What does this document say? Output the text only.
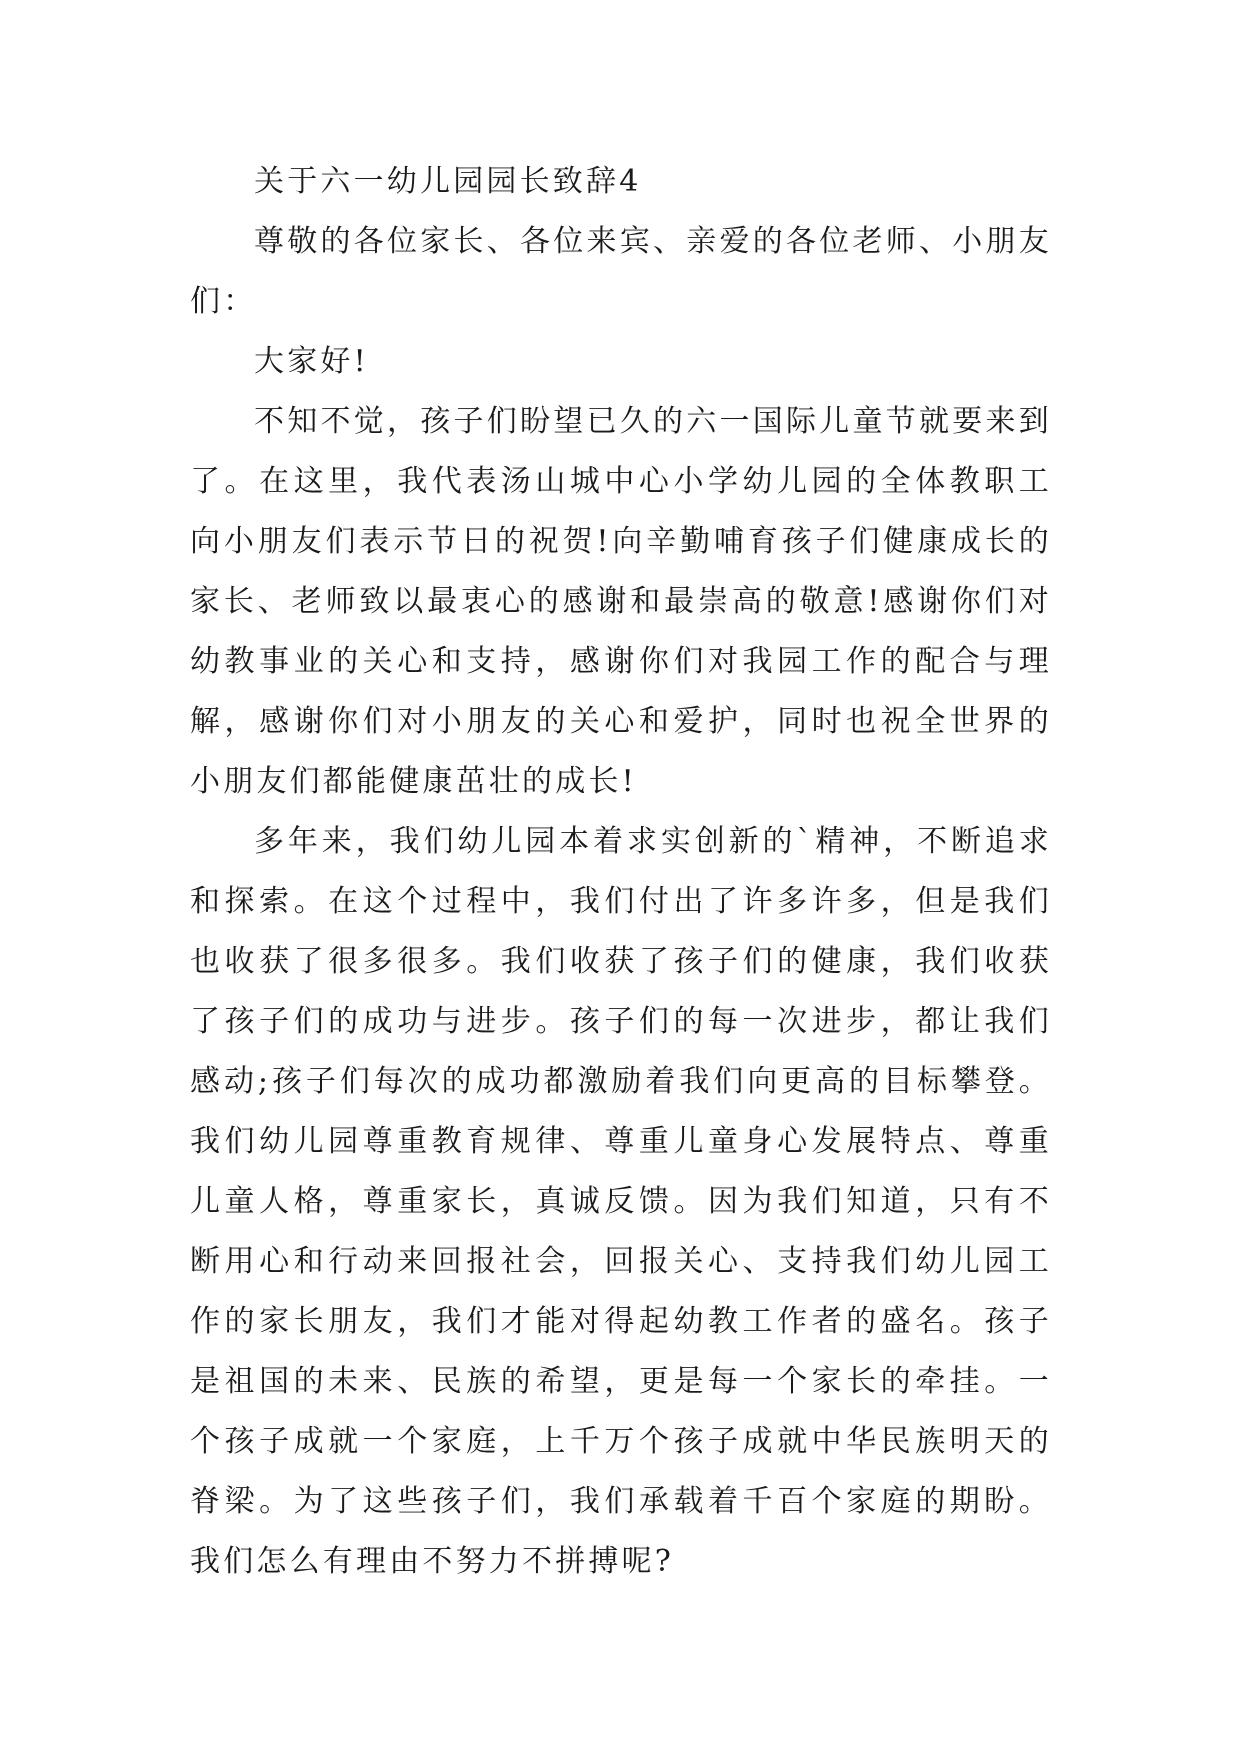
关于六一幼儿园园长致辞4

尊敬的各位家长、各位来宾、亲爱的各位老师、小朋友们：

大家好!

不知不觉，孩子们盼望已久的六一国际儿童节就要来到了。在这里，我代表汤山城中心小学幼儿园的全体教职工向小朋友们表示节日的祝贺!向辛勤哺育孩子们健康成长的家长、老师致以最衷心的感谢和最崇高的敬意!感谢你们对幼教事业的关心和支持，感谢你们对我园工作的配合与理解，感谢你们对小朋友的关心和爱护，同时也祝全世界的小朋友们都能健康茁壮的成长!

多年来，我们幼儿园本着求实创新的`精神，不断追求和探索。在这个过程中，我们付出了许多许多，但是我们也收获了很多很多。我们收获了孩子们的健康，我们收获了孩子们的成功与进步。孩子们的每一次进步，都让我们感动;孩子们每次的成功都激励着我们向更高的目标攀登。我们幼儿园尊重教育规律、尊重儿童身心发展特点、尊重儿童人格，尊重家长，真诚反馈。因为我们知道，只有不断用心和行动来回报社会，回报关心、支持我们幼儿园工作的家长朋友，我们才能对得起幼教工作者的盛名。孩子是祖国的未来、民族的希望，更是每一个家长的牵挂。一个孩子成就一个家庭，上千万个孩子成就中华民族明天的脊梁。为了这些孩子们，我们承载着千百个家庭的期盼。我们怎么有理由不努力不拼搏呢?
